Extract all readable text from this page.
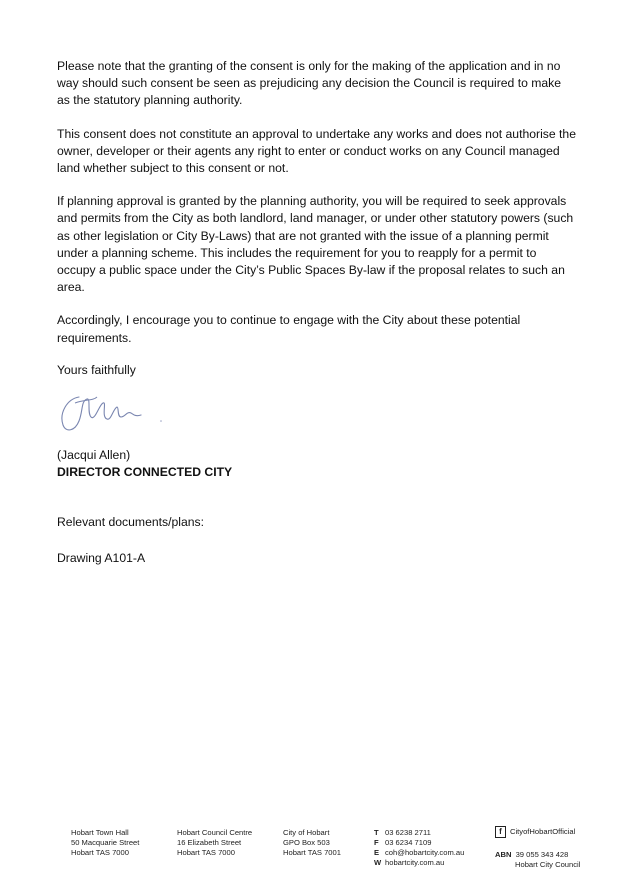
Please note that the granting of the consent is only for the making of the application and in no way should such consent be seen as prejudicing any decision the Council is required to make as the statutory planning authority.

This consent does not constitute an approval to undertake any works and does not authorise the owner, developer or their agents any right to enter or conduct works on any Council managed land whether subject to this consent or not.

If planning approval is granted by the planning authority, you will be required to seek approvals and permits from the City as both landlord, land manager, or under other statutory powers (such as other legislation or City By-Laws) that are not granted with the issue of a planning permit under a planning scheme. This includes the requirement for you to reapply for a permit to occupy a public space under the City’s Public Spaces By-law if the proposal relates to such an area.

Accordingly, I encourage you to continue to engage with the City about these potential requirements.

Yours faithfully

(Jacqui Allen)

DIRECTOR CONNECTED CITY

Relevant documents/plans:

Drawing A101-A

Hobart Town Hall
50 Macquarie Street
Hobart TAS 7000
Hobart Council Centre
16 Elizabeth Street
Hobart TAS 7000
City of Hobart
GPO Box 503
Hobart TAS 7001
T 03 6238 2711
F 03 6234 7109
E coh@hobartcity.com.au
W hobartcity.com.au
f	CityofHobartOfficial
ABN 39 055 343 428
Hobart City Council
